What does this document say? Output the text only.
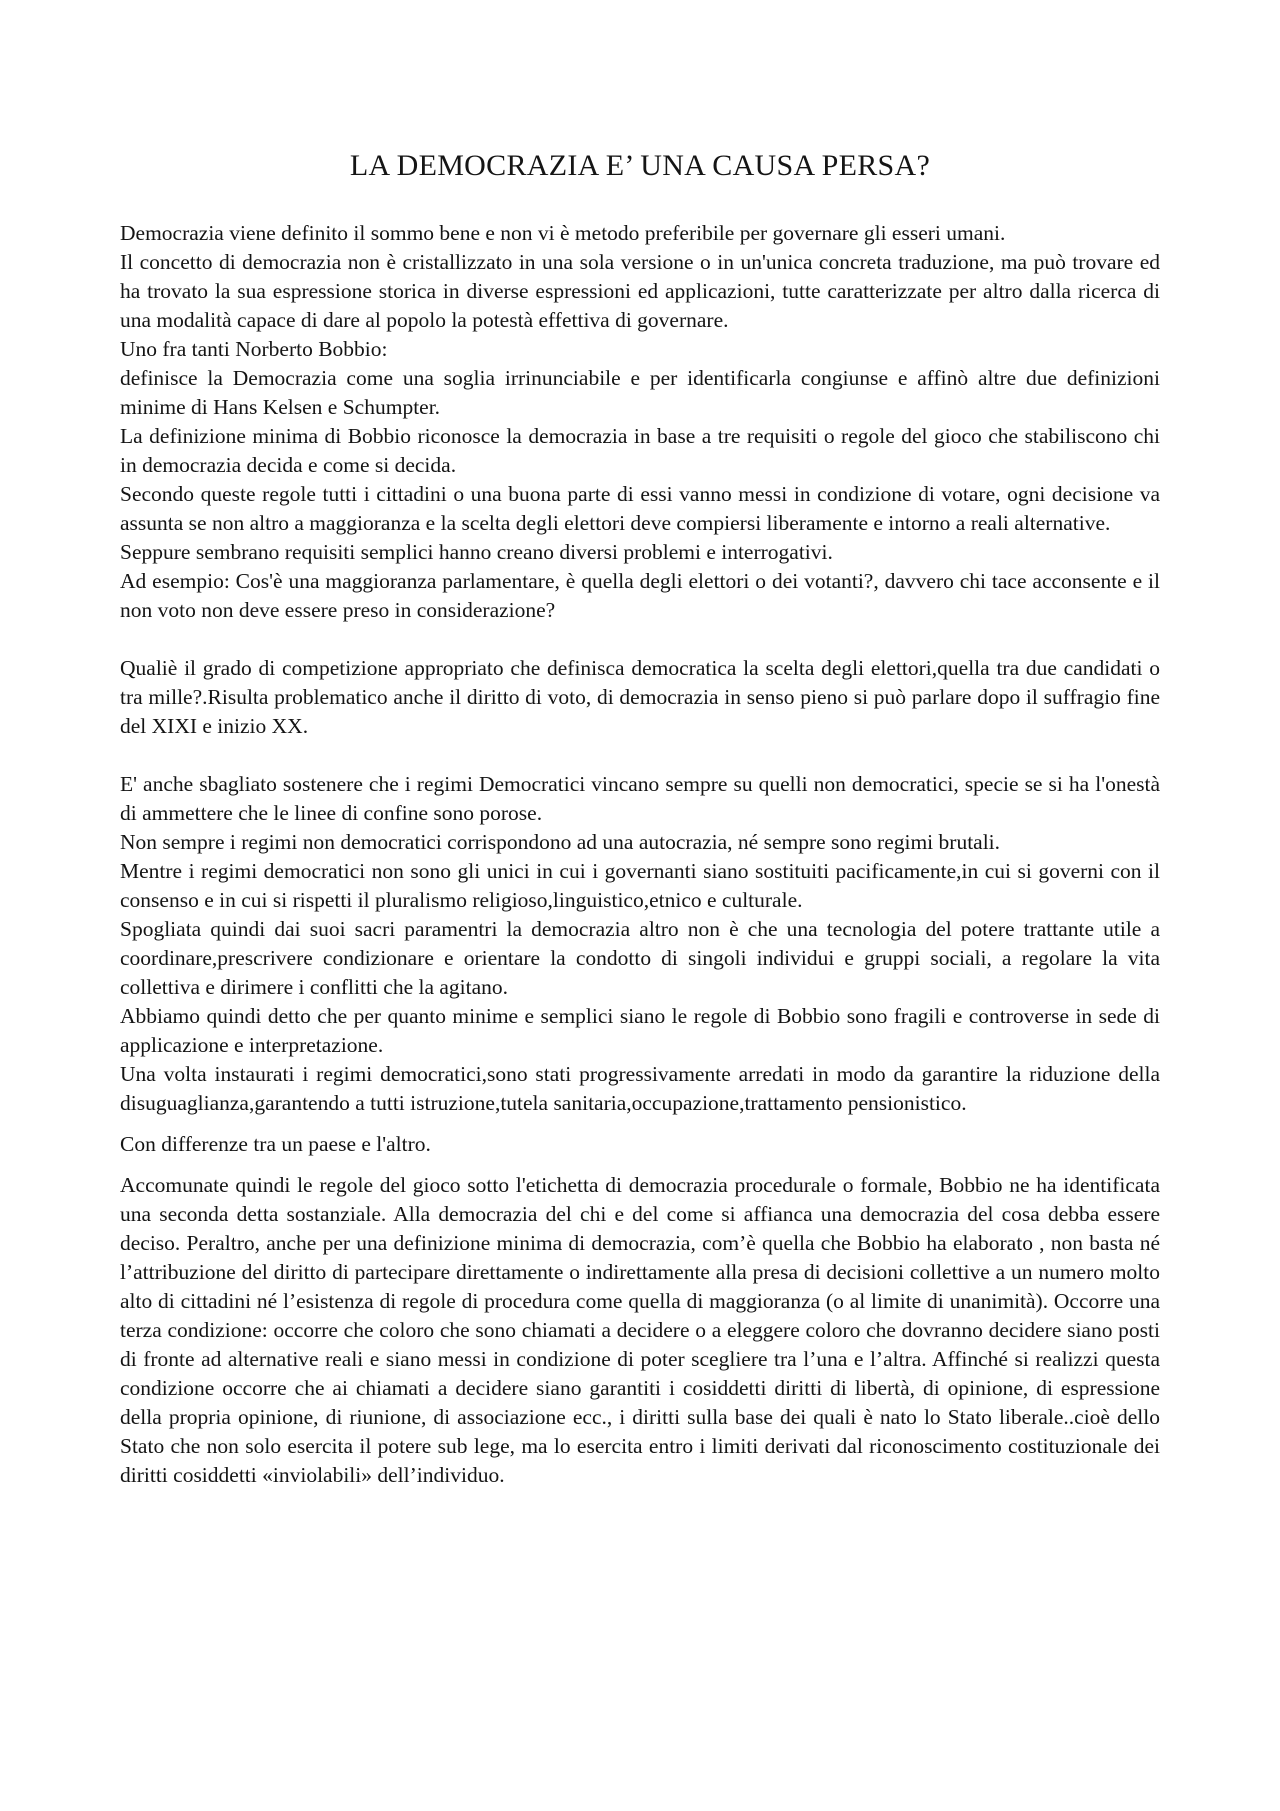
LA DEMOCRAZIA E’ UNA CAUSA PERSA?

Democrazia viene definito il sommo bene e non vi è metodo preferibile per governare gli esseri umani.

Il concetto di democrazia non è cristallizzato in una sola versione o in un'unica concreta traduzione, ma può trovare ed ha trovato la sua espressione storica in diverse espressioni ed applicazioni, tutte caratterizzate per altro dalla ricerca di una modalità capace di dare al popolo la potestà effettiva di governare.

Uno fra tanti Norberto Bobbio:

definisce la Democrazia come una soglia irrinunciabile e per identificarla congiunse e affinò altre due definizioni minime di Hans Kelsen e Schumpter.

La definizione minima di Bobbio riconosce la democrazia in base a tre requisiti o regole del gioco che stabiliscono chi in democrazia decida e come si decida.

Secondo queste regole tutti i cittadini o una buona parte di essi vanno messi in condizione di votare, ogni decisione va assunta se non altro a maggioranza e la scelta degli elettori deve compiersi liberamente e intorno a reali alternative.

Seppure sembrano requisiti semplici hanno creano diversi problemi e interrogativi.

Ad esempio: Cos'è una maggioranza parlamentare, è quella degli elettori o dei votanti?, davvero chi tace acconsente e il non voto non deve essere preso in considerazione?

Qualiè il grado di competizione appropriato che definisca democratica la scelta degli elettori,quella tra due candidati o tra mille?.Risulta problematico anche il diritto di voto, di democrazia in senso pieno si può parlare dopo il suffragio fine del XIXI e inizio XX.

E' anche sbagliato sostenere che i regimi Democratici vincano sempre su quelli non democratici, specie se si ha l'onestà di ammettere che le linee di confine sono porose.

Non sempre i regimi non democratici corrispondono ad una autocrazia, né sempre sono regimi brutali.

Mentre i regimi democratici non sono gli unici in cui i governanti siano sostituiti pacificamente,in cui si governi con il consenso e in cui si rispetti il pluralismo religioso,linguistico,etnico e culturale.

Spogliata quindi dai suoi sacri paramentri la democrazia altro non è che una tecnologia del potere trattante utile a coordinare,prescrivere condizionare e orientare la condotto di singoli individui e gruppi sociali, a regolare la vita collettiva e dirimere i conflitti che la agitano.

Abbiamo quindi detto che per quanto minime e semplici siano le regole di Bobbio sono fragili e controverse in sede di applicazione e interpretazione.

Una volta instaurati i regimi democratici,sono stati progressivamente arredati in modo da garantire la riduzione della disuguaglianza,garantendo a tutti istruzione,tutela sanitaria,occupazione,trattamento pensionistico.

Con differenze tra un paese e l'altro.

Accomunate quindi le regole del gioco sotto l'etichetta di democrazia procedurale o formale, Bobbio ne ha identificata una seconda detta sostanziale. Alla democrazia del chi e del come si affianca una democrazia del cosa debba essere deciso. Peraltro, anche per una definizione minima di democrazia, com’è quella che Bobbio ha elaborato , non basta né l’attribuzione del diritto di partecipare direttamente o indirettamente alla presa di decisioni collettive a un numero molto alto di cittadini né l’esistenza di regole di procedura come quella di maggioranza (o al limite di unanimità). Occorre una terza condizione: occorre che coloro che sono chiamati a decidere o a eleggere coloro che dovranno decidere siano posti di fronte ad alternative reali e siano messi in condizione di poter scegliere tra l’una e l’altra. Affinché si realizzi questa condizione occorre che ai chiamati a decidere siano garantiti i cosiddetti diritti di libertà, di opinione, di espressione della propria opinione, di riunione, di associazione ecc., i diritti sulla base dei quali è nato lo Stato liberale..cioè dello Stato che non solo esercita il potere sub lege, ma lo esercita entro i limiti derivati dal riconoscimento costituzionale dei diritti cosiddetti «inviolabili» dell’individuo.
